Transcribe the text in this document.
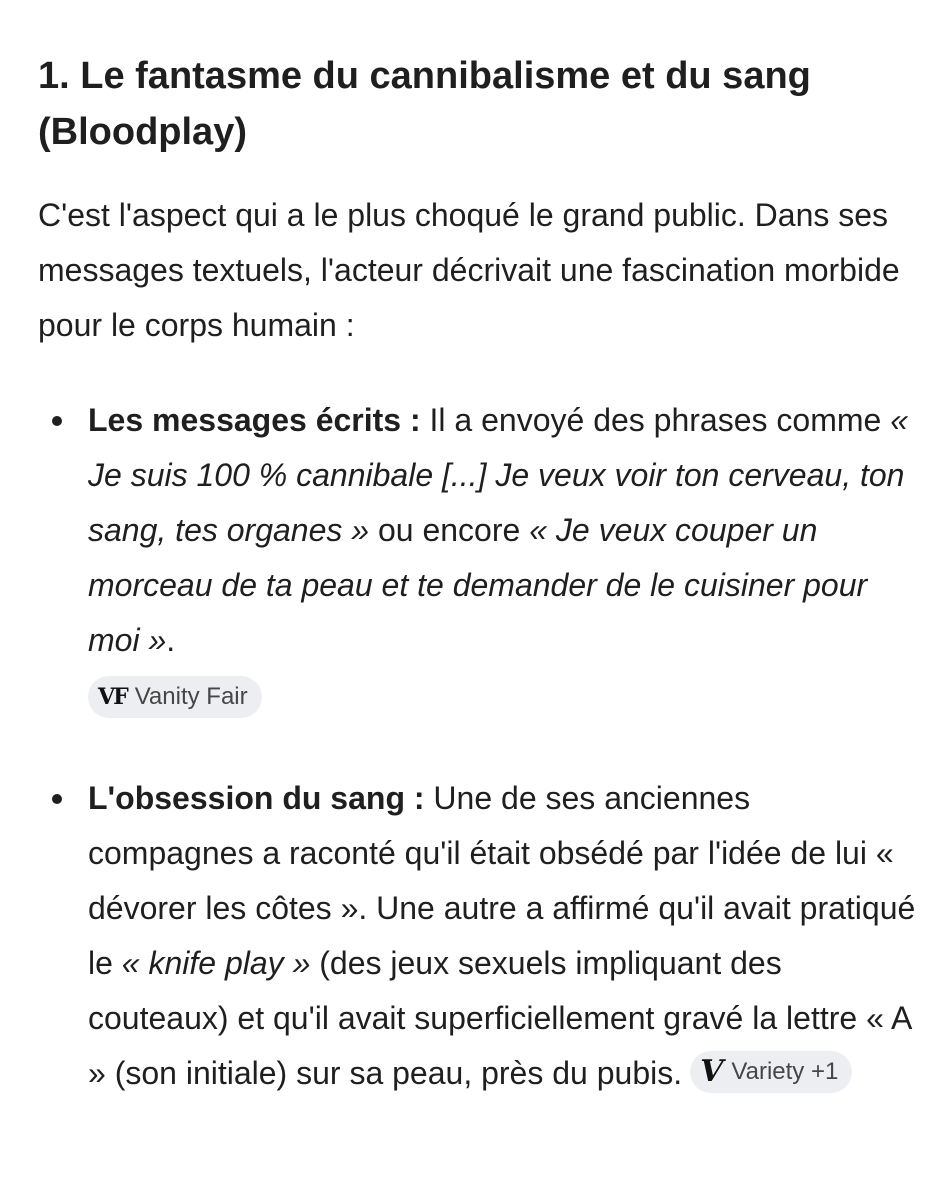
1. Le fantasme du cannibalisme et du sang (Bloodplay)

C'est l'aspect qui a le plus choqué le grand public. Dans ses messages textuels, l'acteur décrivait une fascination morbide pour le corps humain :

Les messages écrits : Il a envoyé des phrases comme « Je suis 100 % cannibale [...] Je veux voir ton cerveau, ton sang, tes organes » ou encore « Je veux couper un morceau de ta peau et te demander de le cuisiner pour moi ».
VF Vanity Fair
L'obsession du sang : Une de ses anciennes compagnes a raconté qu'il était obsédé par l'idée de lui « dévorer les côtes ». Une autre a affirmé qu'il avait pratiqué le « knife play » (des jeux sexuels impliquant des couteaux) et qu'il avait superficiellement gravé la lettre « A » (son initiale) sur sa peau, près du pubis. V Variety +1
